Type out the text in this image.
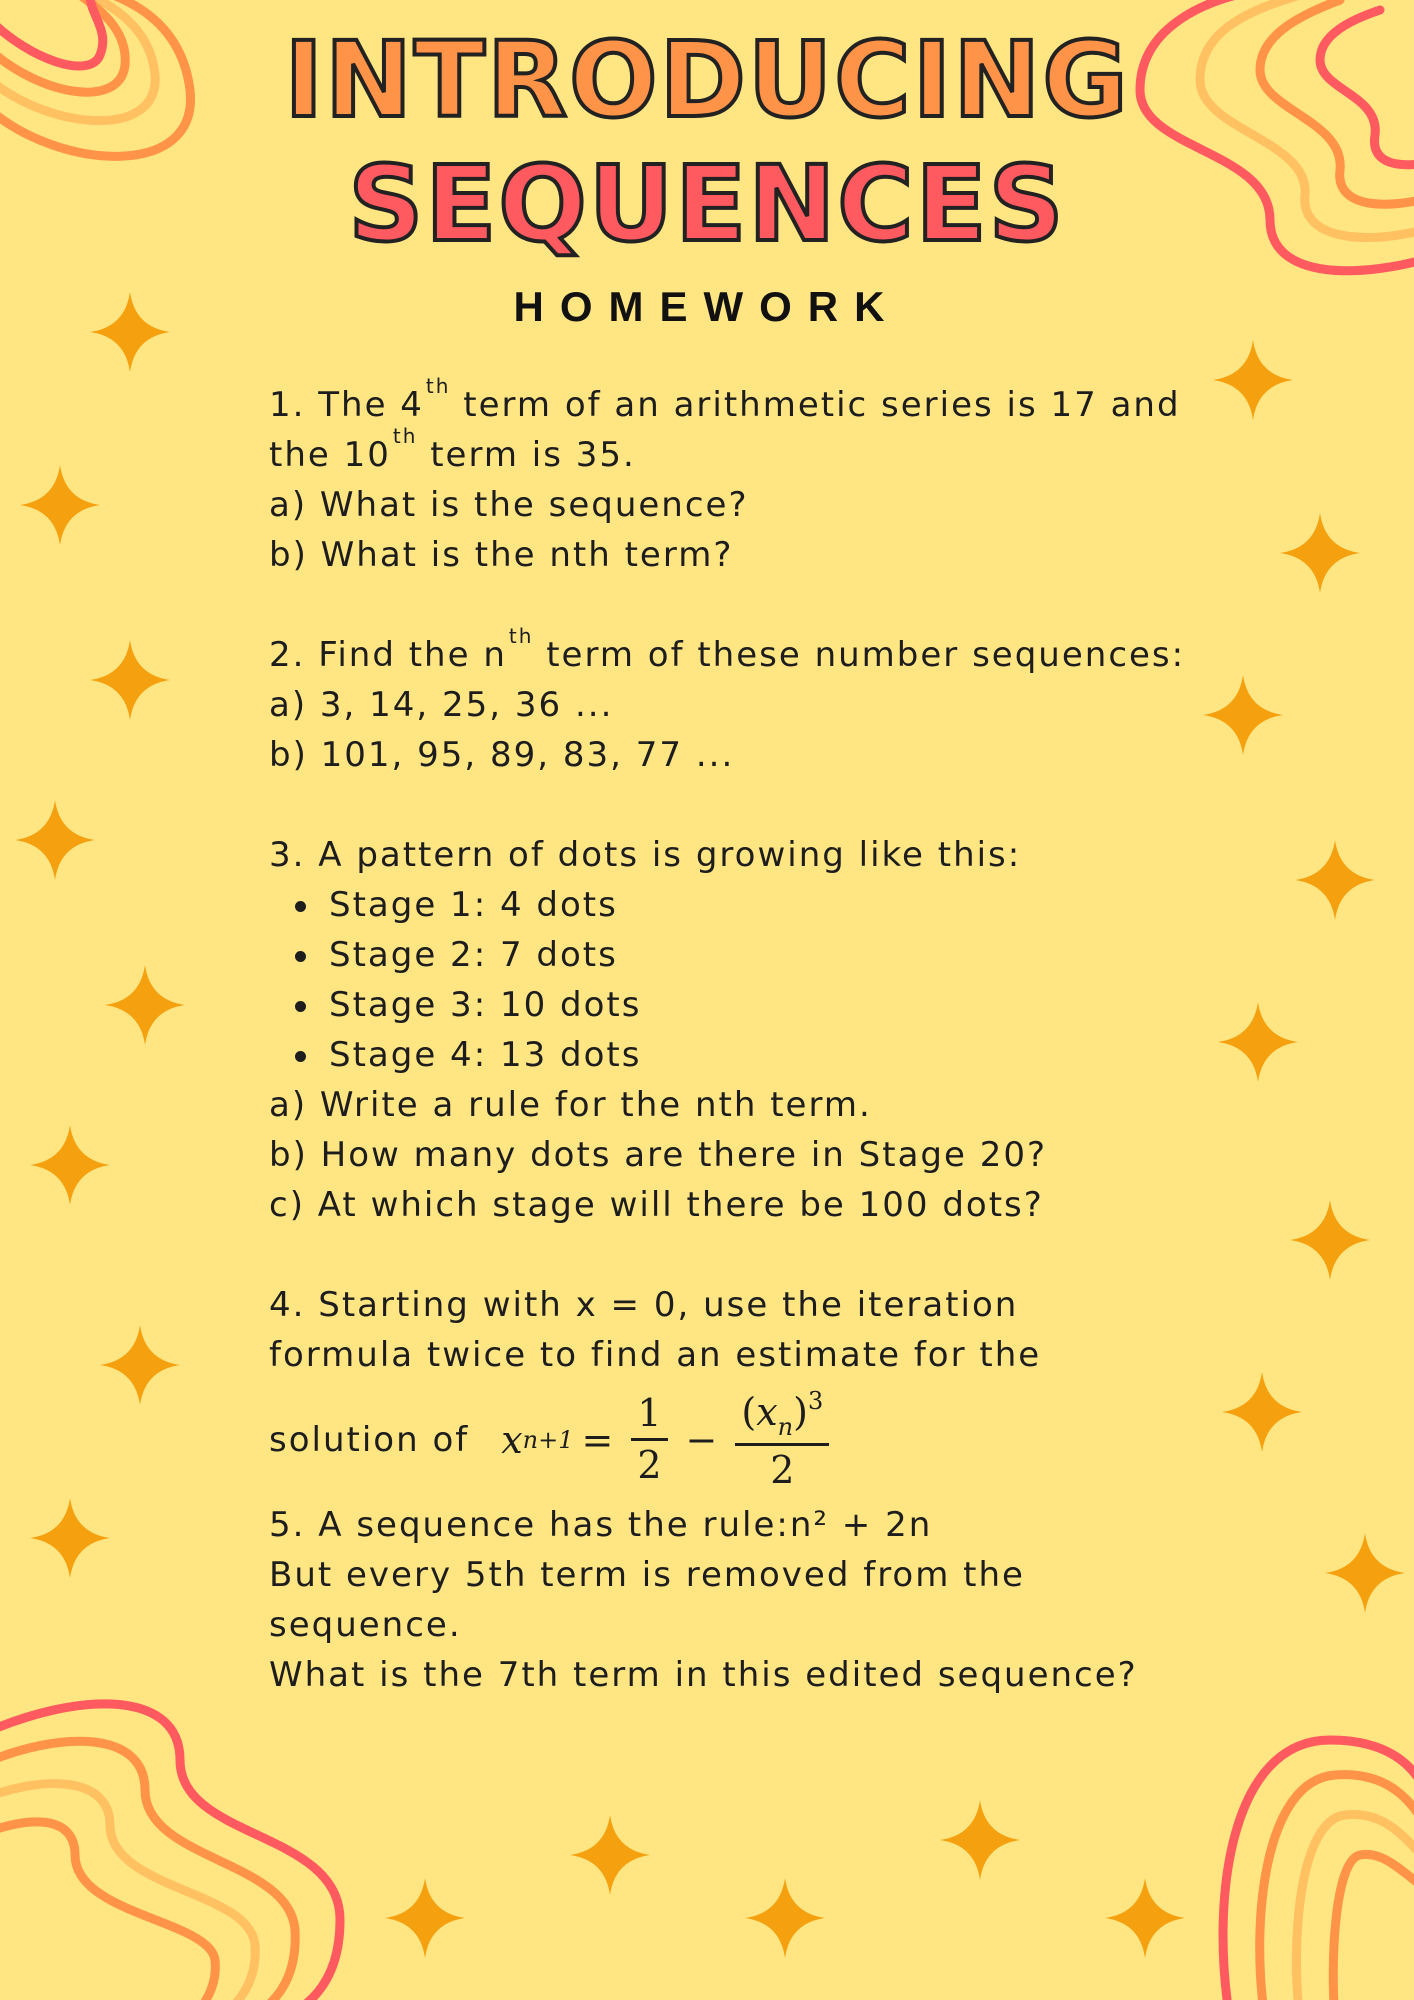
INTRODUCING
SEQUENCES
HOMEWORK
1. The 4 $^{th}$ term of an arithmetic series is 17 and
the 10 $^{th}$ term is 35.
a) What is the sequence?
b) What is the nth term?
2. Find the n $^{th}$ term of these number sequences:
a) 3, 14, 25, 36 ...
b) 101, 95, 89, 83, 77 ...
3. A pattern of dots is growing like this:
Stage 1: 4 dots
Stage 2: 7 dots
Stage 3: 10 dots
Stage 4: 13 dots
a) Write a rule for the nth term.
b) How many dots are there in Stage 20?
c) At which stage will there be 100 dots?
4. Starting with x = 0, use the iteration
formula twice to find an estimate for the
solution of x $n+1 = \frac{1}{2} - \frac{(x_n)^3}{2}$
5. A sequence has the rule:n² + 2n
But every 5th term is removed from the
sequence.
What is the 7th term in this edited sequence?
